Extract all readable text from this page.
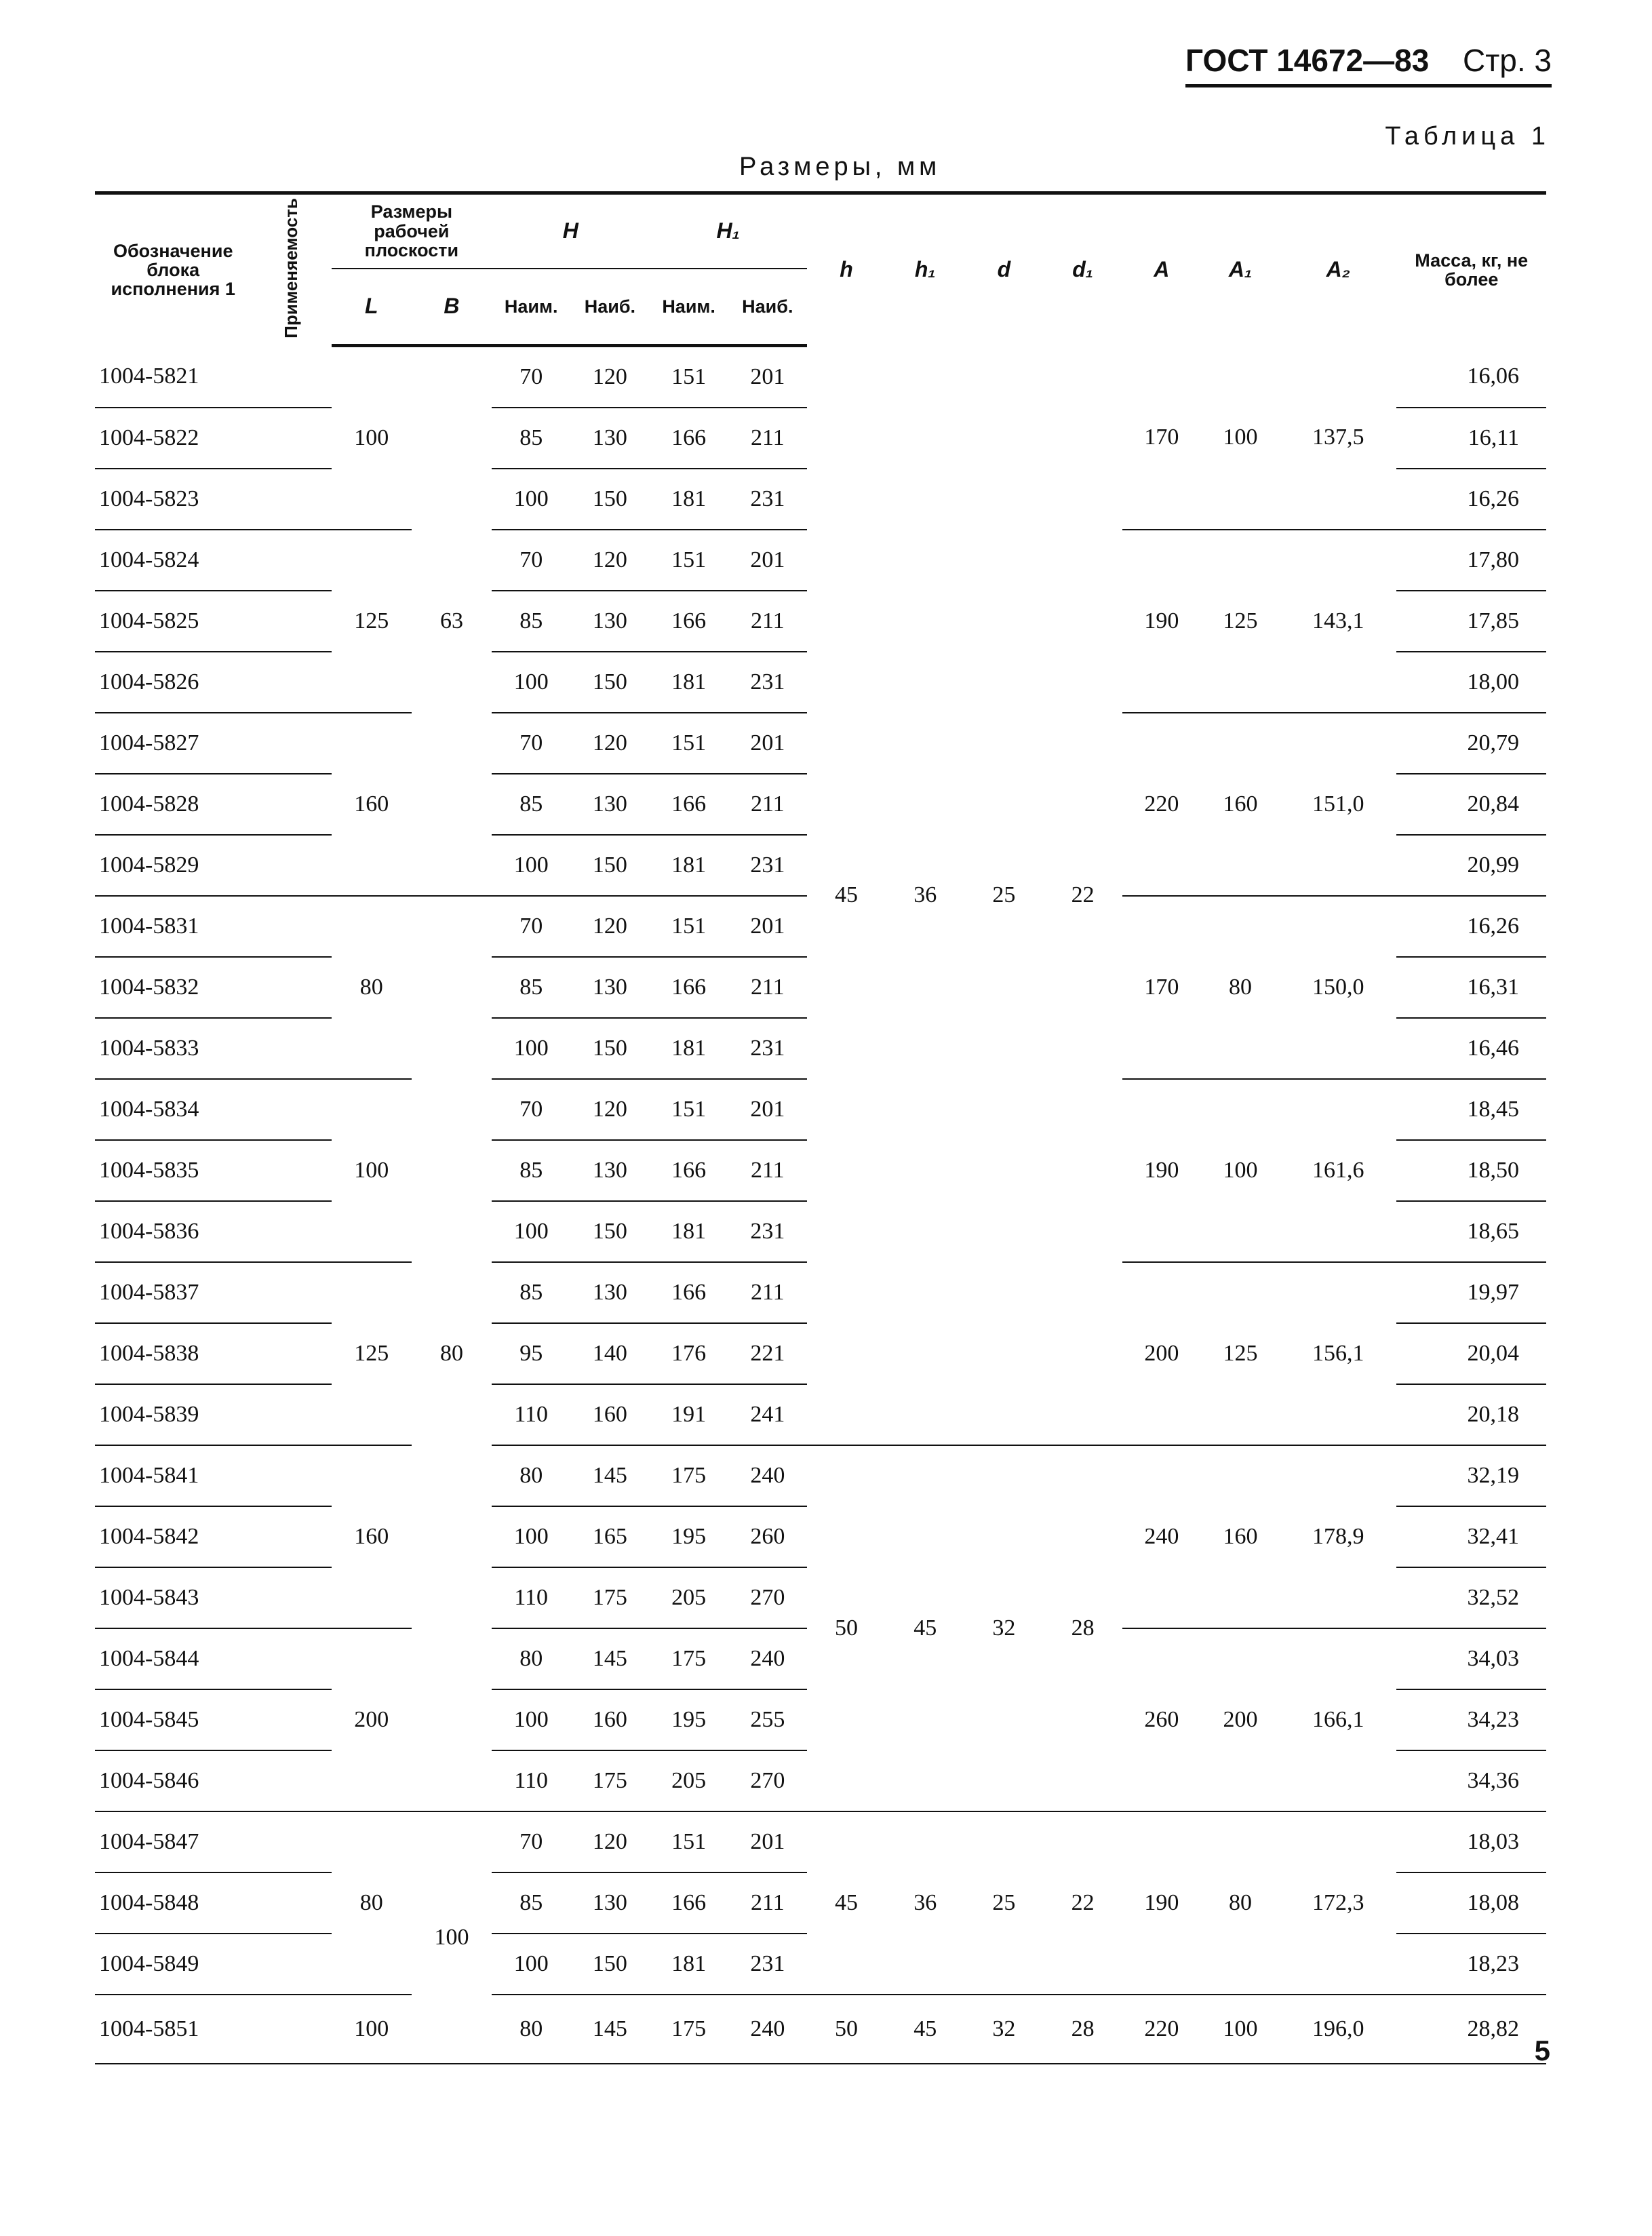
ГОСТ 14672—83 Стр. 3
Таблица 1
Размеры, мм
Обозначение блока исполнения 1	Применяемость	Размеры рабочей плоскости		H		H₁		h	h₁	d	d₁	A	A₁	A₂	Масса, кг, не более
		L	B	Наим.	Наиб.	Наим.	Наиб.								
1004-5821		100	63	70	120	151	201	45	36	25	22	170	100	137,5	16,06
1004-5822				85	130	166	211								16,11
1004-5823				100	150	181	231								16,26
1004-5824		125		70	120	151	201					190	125	143,1	17,80
1004-5825				85	130	166	211								17,85
1004-5826				100	150	181	231								18,00
1004-5827		160		70	120	151	201					220	160	151,0	20,79
1004-5828				85	130	166	211								20,84
1004-5829				100	150	181	231								20,99
1004-5831		80	80	70	120	151	201					170	80	150,0	16,26
1004-5832				85	130	166	211								16,31
1004-5833				100	150	181	231								16,46
1004-5834		100		70	120	151	201					190	100	161,6	18,45
1004-5835				85	130	166	211								18,50
1004-5836				100	150	181	231								18,65
1004-5837		125		85	130	166	211					200	125	156,1	19,97
1004-5838				95	140	176	221								20,04
1004-5839				110	160	191	241								20,18
1004-5841		160		80	145	175	240	50	45	32	28	240	160	178,9	32,19
1004-5842				100	165	195	260								32,41
1004-5843				110	175	205	270								32,52
1004-5844		200		80	145	175	240					260	200	166,1	34,03
1004-5845				100	160	195	255								34,23
1004-5846				110	175	205	270								34,36
1004-5847		80	100	70	120	151	201	45	36	25	22	190	80	172,3	18,03
1004-5848				85	130	166	211								18,08
1004-5849				100	150	181	231								18,23
1004-5851		100		80	145	175	240	50	45	32	28	220	100	196,0	28,82
5
